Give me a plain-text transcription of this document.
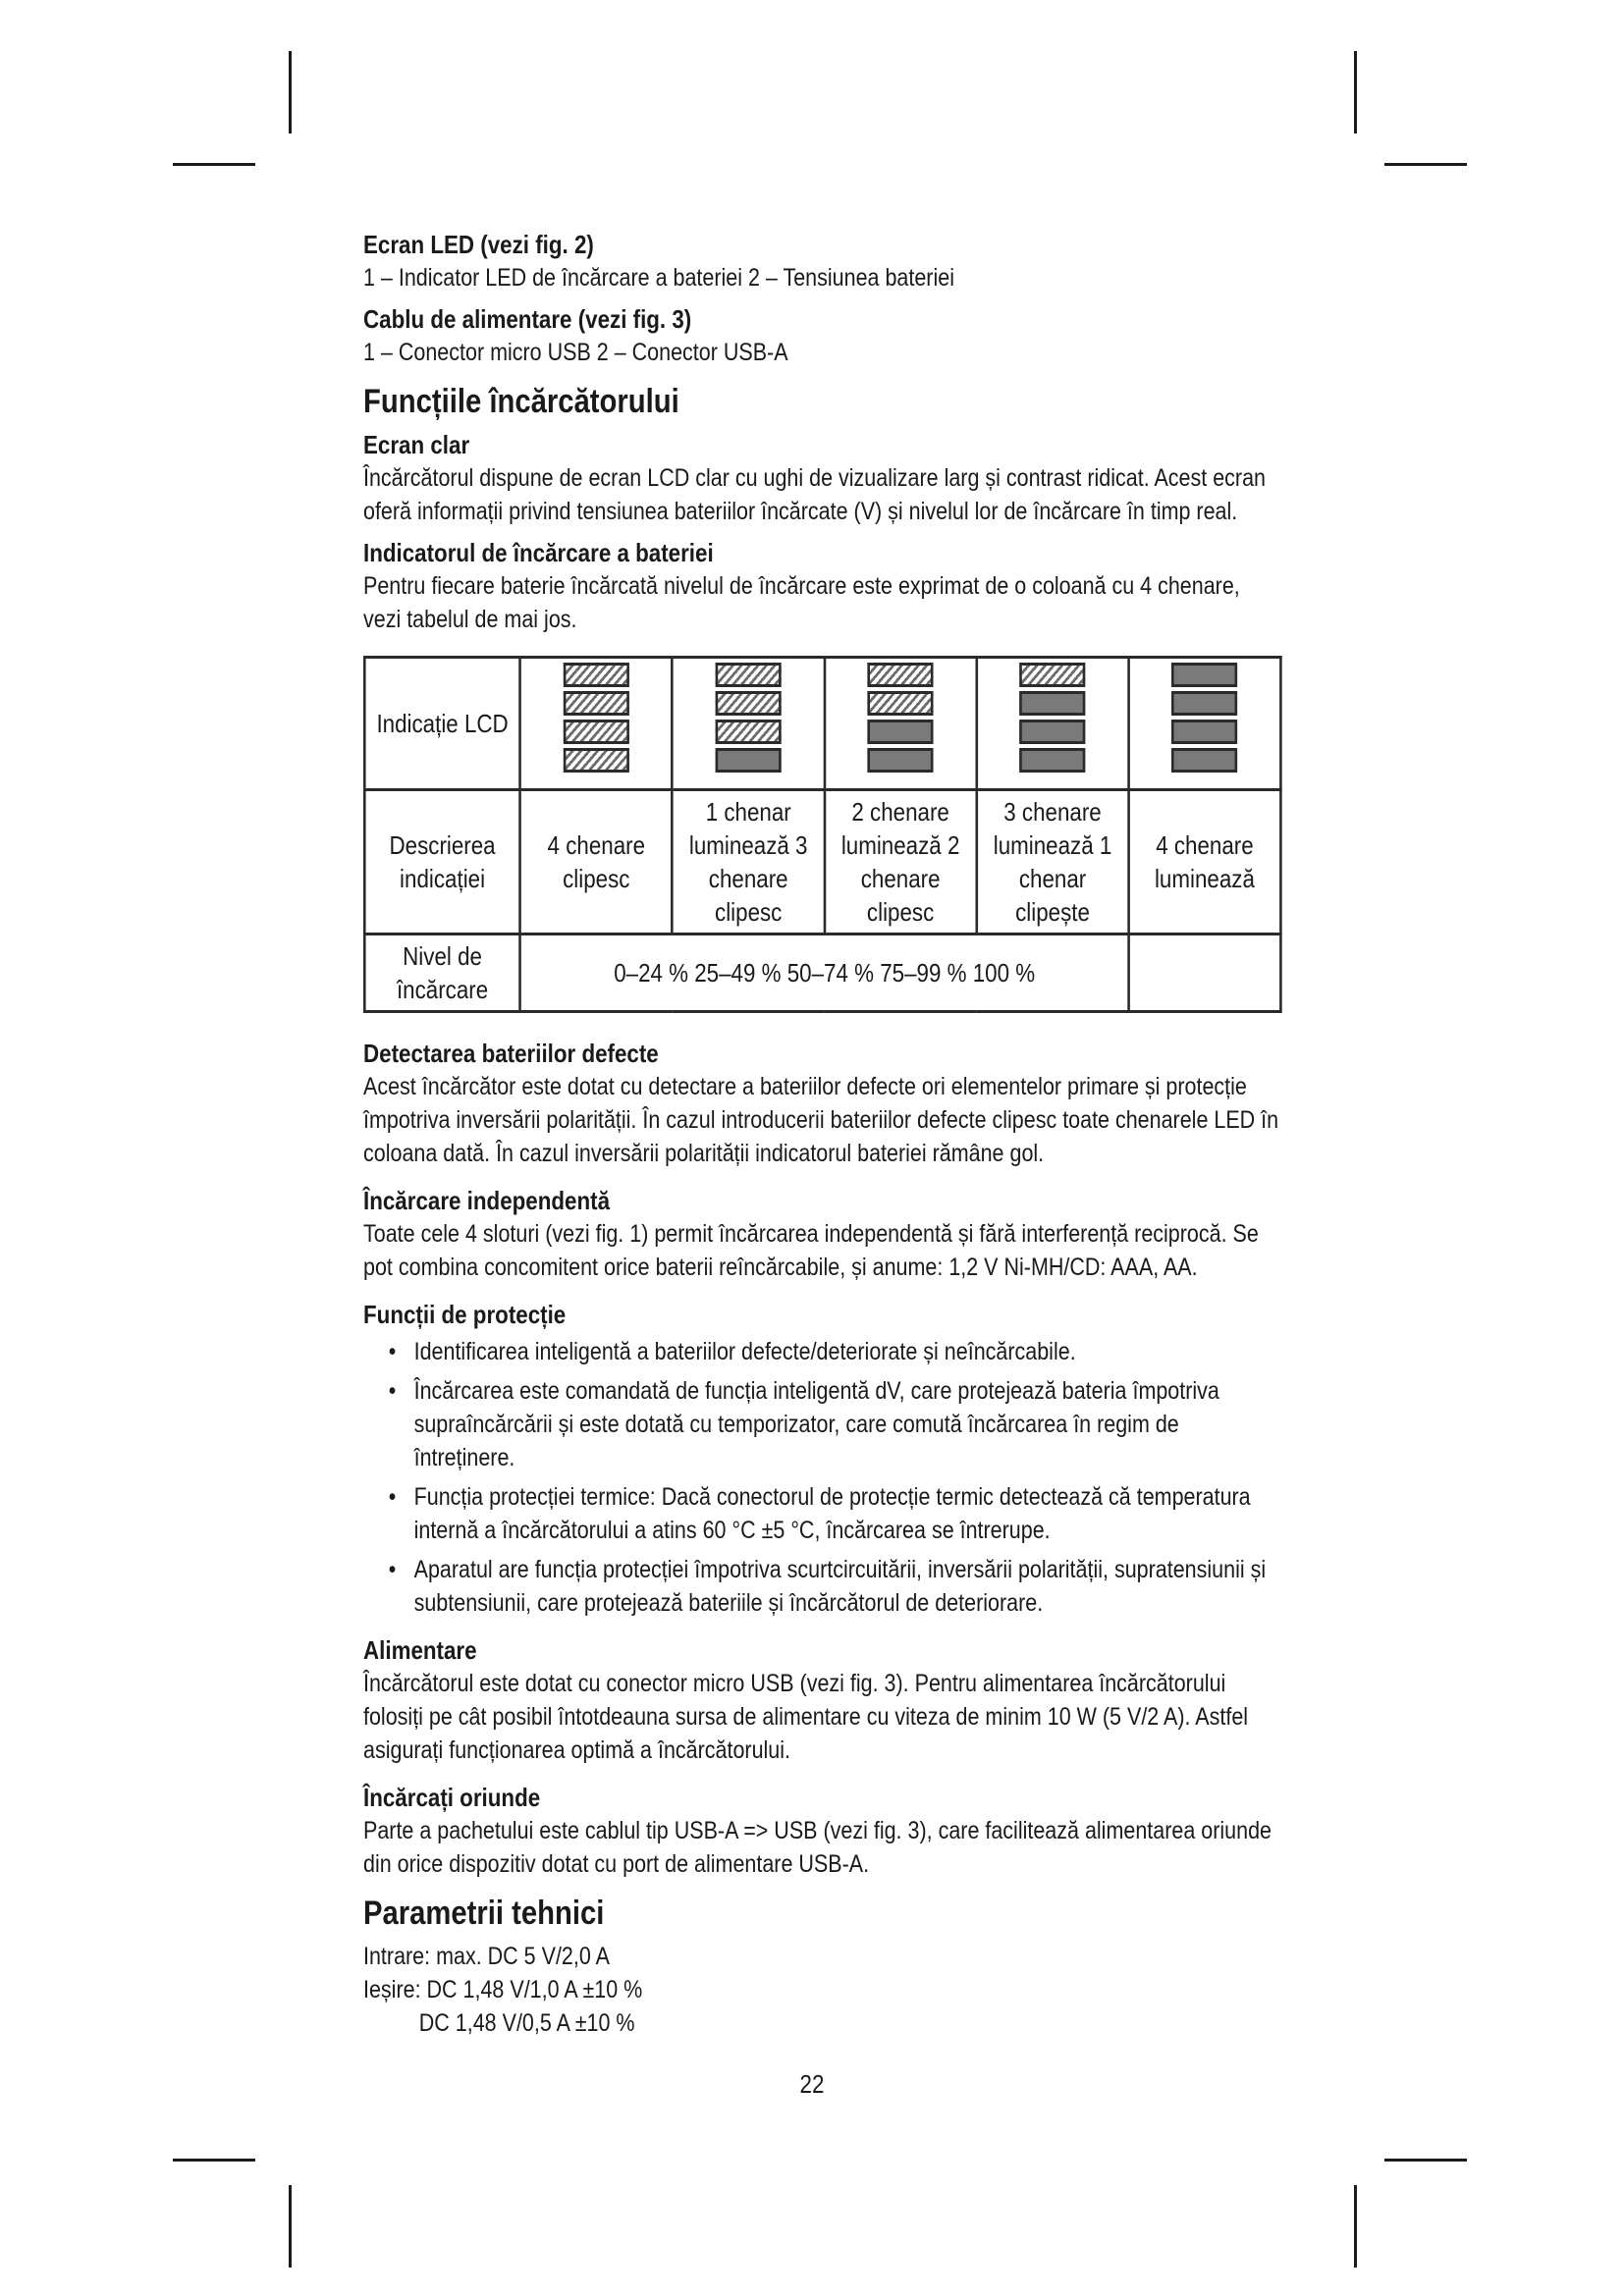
Ecran LED (vezi fig. 2)

1 – Indicator LED de încărcare a bateriei 2 – Tensiunea bateriei

Cablu de alimentare (vezi fig. 3)

1 – Conector micro USB 2 – Conector USB-A

Funcțiile încărcătorului

Ecran clar

Încărcătorul dispune de ecran LCD clar cu ughi de vizualizare larg și contrast ridicat. Acest ecran oferă informații privind tensiunea bateriilor încărcate (V) și nivelul lor de încărcare în timp real.

Indicatorul de încărcare a bateriei

Pentru fiecare baterie încărcată nivelul de încărcare este exprimat de o coloană cu 4 chenare, vezi tabelul de mai jos.

Indicație LCD	

Descrierea indicației	4 chenare clipesc	1 chenar luminează 3 chenare clipesc	2 chenare luminează 2 chenare clipesc	3 chenare luminează 1 chenar clipește	4 chenare luminează
Nivel de încărcare	0–24 % 25–49 % 50–74 % 75–99 % 100 %				

Detectarea bateriilor defecte

Acest încărcător este dotat cu detectare a bateriilor defecte ori elementelor primare și protecție împotriva inversării polarității. În cazul introducerii bateriilor defecte clipesc toate chenarele LED în coloana dată. În cazul inversării polarității indicatorul bateriei rămâne gol.

Încărcare independentă

Toate cele 4 sloturi (vezi fig. 1) permit încărcarea independentă și fără interferență reciprocă. Se pot combina concomitent orice baterii reîncărcabile, și anume: 1,2 V Ni-MH/CD: AAA, AA.

Funcții de protecție

• Identificarea inteligentă a bateriilor defecte/deteriorate și neîncărcabile.
• Încărcarea este comandată de funcția inteligentă dV, care protejează bateria împotriva supraîncărcării și este dotată cu temporizator, care comută încărcarea în regim de întreținere.
• Funcția protecției termice: Dacă conectorul de protecție termic detectează că temperatura internă a încărcătorului a atins 60 °C ±5 °C, încărcarea se întrerupe.
• Aparatul are funcția protecției împotriva scurtcircuitării, inversării polarității, supratensiunii și subtensiunii, care protejează bateriile și încărcătorul de deteriorare.

Alimentare

Încărcătorul este dotat cu conector micro USB (vezi fig. 3). Pentru alimentarea încărcătorului folosiți pe cât posibil întotdeauna sursa de alimentare cu viteza de minim 10 W (5 V/2 A). Astfel asigurați funcționarea optimă a încărcătorului.

Încărcați oriunde

Parte a pachetului este cablul tip USB-A => USB (vezi fig. 3), care facilitează alimentarea oriunde din orice dispozitiv dotat cu port de alimentare USB-A.

Parametrii tehnici

Intrare: max. DC 5 V/2,0 A

Ieșire: DC 1,48 V/1,0 A ±10 %

DC 1,48 V/0,5 A ±10 %

22
